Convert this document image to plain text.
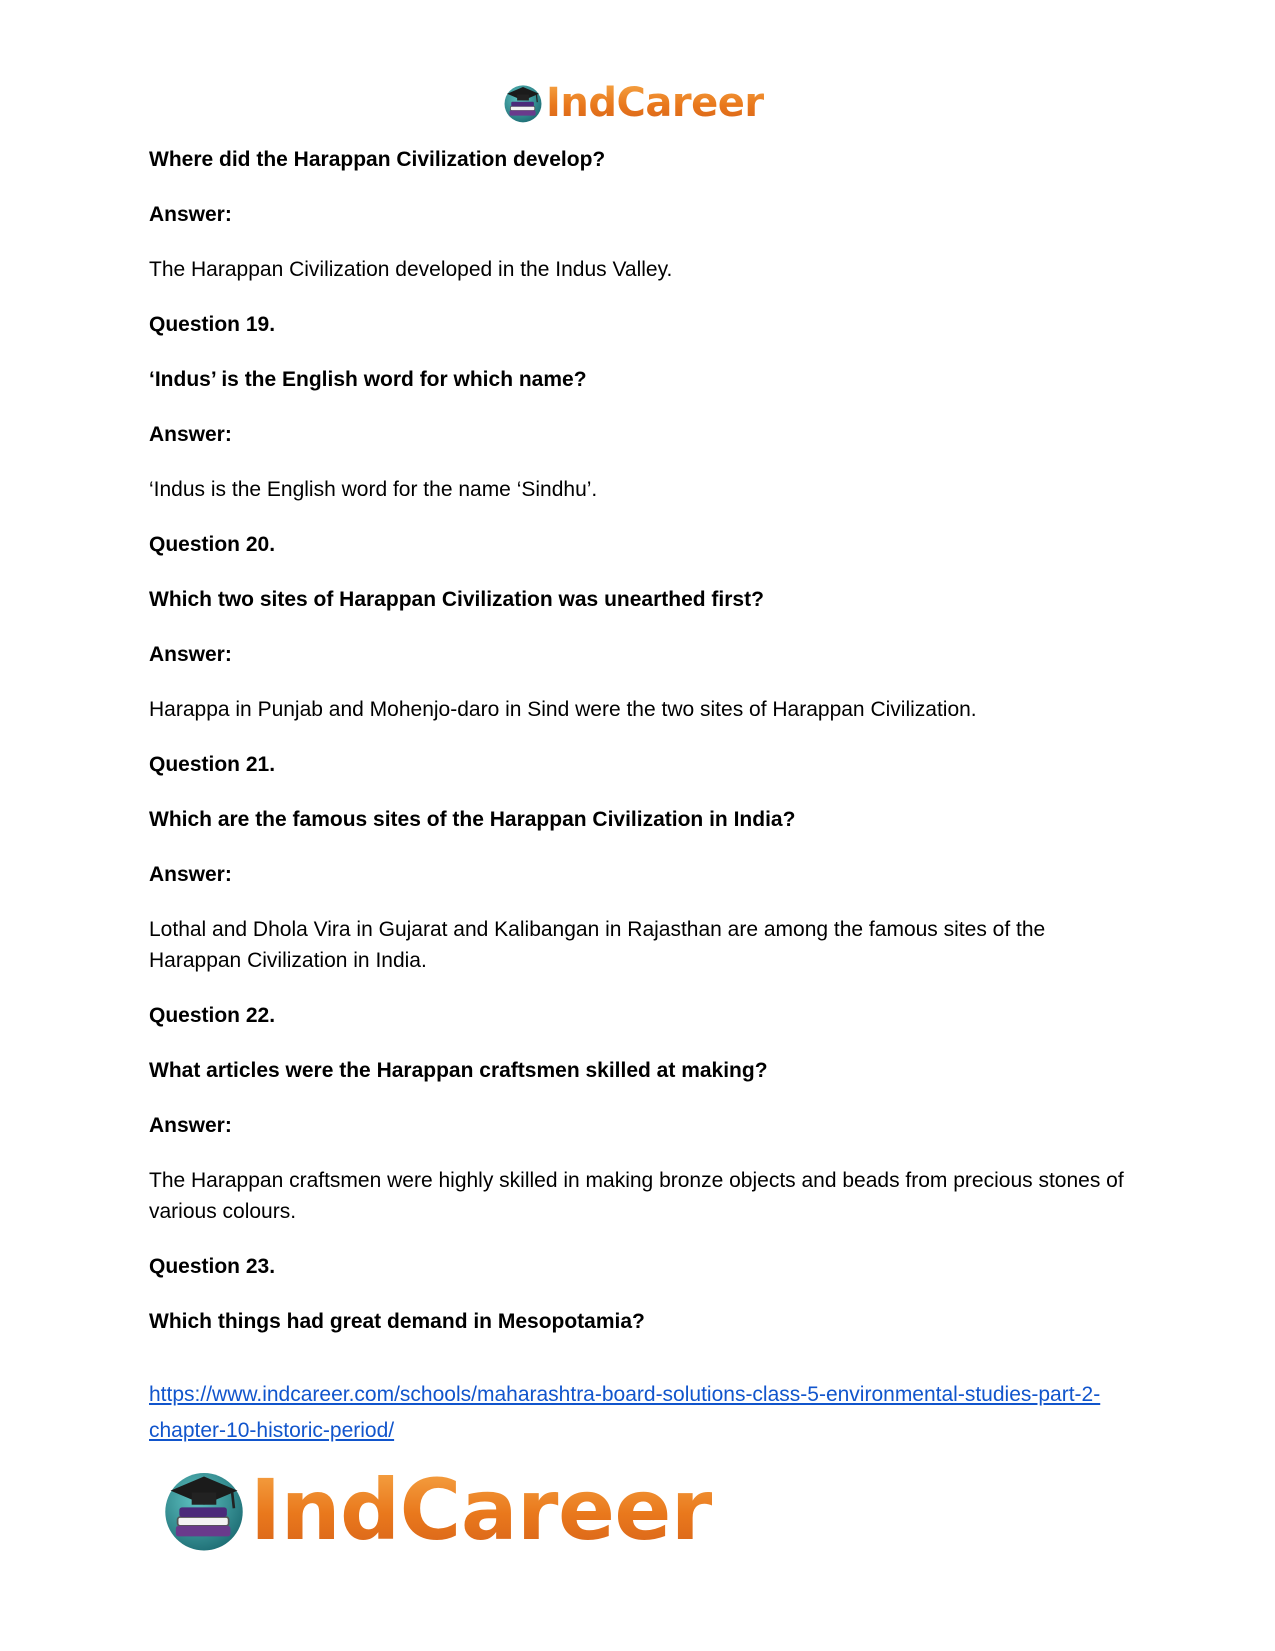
IndCareer

Where did the Harappan Civilization develop?

Answer:

The Harappan Civilization developed in the Indus Valley.

Question 19.

‘Indus’ is the English word for which name?

Answer:

‘Indus is the English word for the name ‘Sindhu’.

Question 20.

Which two sites of Harappan Civilization was unearthed first?

Answer:

Harappa in Punjab and Mohenjo-daro in Sind were the two sites of Harappan Civilization.

Question 21.

Which are the famous sites of the Harappan Civilization in India?

Answer:

Lothal and Dhola Vira in Gujarat and Kalibangan in Rajasthan are among the famous sites of the Harappan Civilization in India.

Question 22.

What articles were the Harappan craftsmen skilled at making?

Answer:

The Harappan craftsmen were highly skilled in making bronze objects and beads from precious stones of various colours.

Question 23.

Which things had great demand in Mesopotamia?

https://www.indcareer.com/schools/maharashtra-board-solutions-class-5-environmental-studies-part-2-chapter-10-historic-period/
IndCareer
